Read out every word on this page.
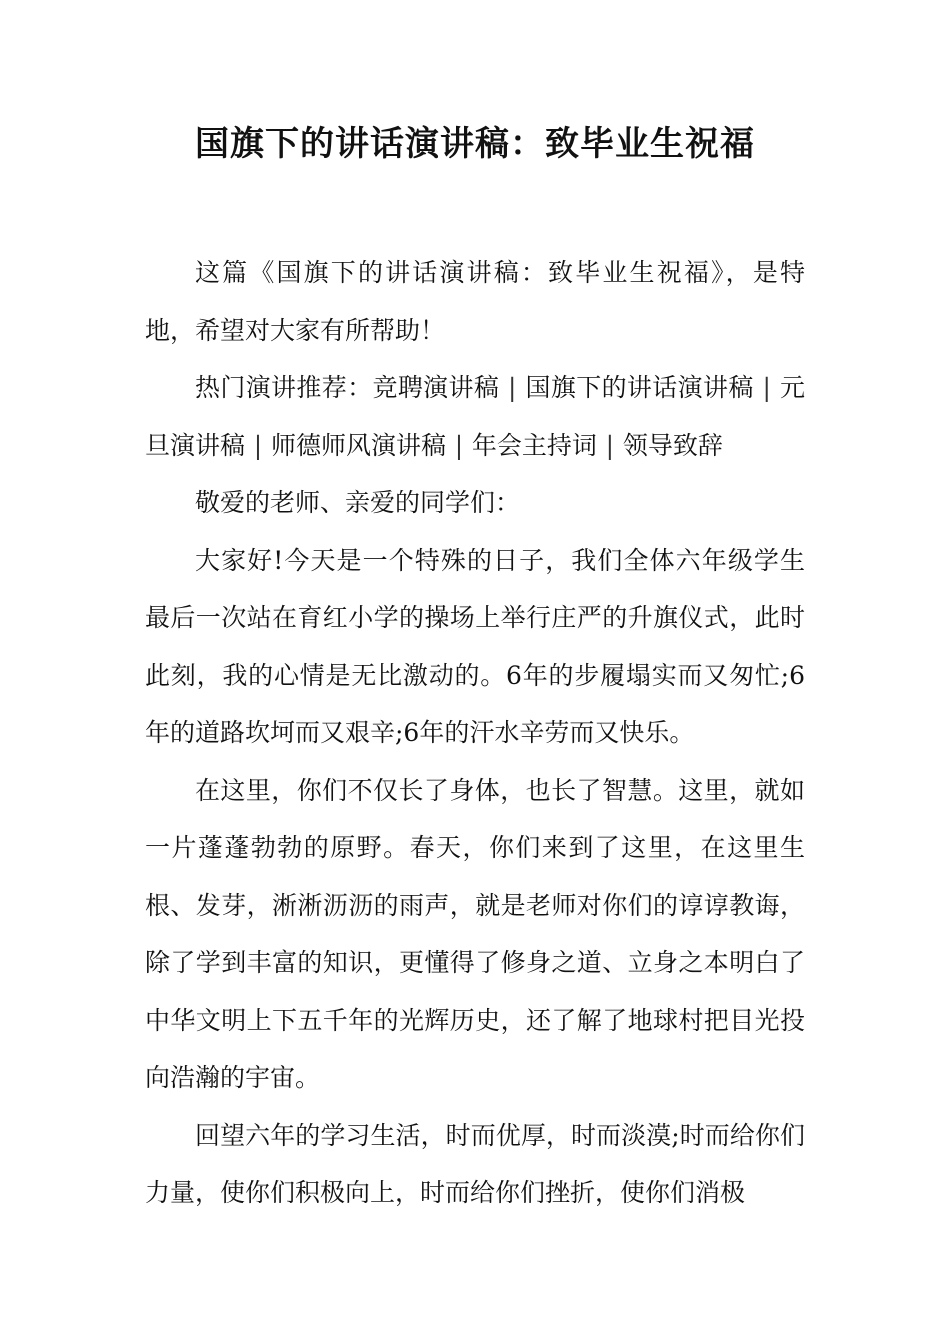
国旗下的讲话演讲稿：致毕业生祝福

这篇《国旗下的讲话演讲稿：致毕业生祝福》，是特地，希望对大家有所帮助！

热门演讲推荐：竞聘演讲稿 | 国旗下的讲话演讲稿 | 元旦演讲稿 | 师德师风演讲稿 | 年会主持词 | 领导致辞

敬爱的老师、亲爱的同学们：

大家好!今天是一个特殊的日子，我们全体六年级学生最后一次站在育红小学的操场上举行庄严的升旗仪式，此时此刻，我的心情是无比激动的。6年的步履塌实而又匆忙;6年的道路坎坷而又艰辛;6年的汗水辛劳而又快乐。

在这里，你们不仅长了身体，也长了智慧。这里，就如一片蓬蓬勃勃的原野。春天，你们来到了这里，在这里生根、发芽，淅淅沥沥的雨声，就是老师对你们的谆谆教诲，除了学到丰富的知识，更懂得了修身之道、立身之本明白了中华文明上下五千年的光辉历史，还了解了地球村把目光投向浩瀚的宇宙。

回望六年的学习生活，时而优厚，时而淡漠;时而给你们力量，使你们积极向上，时而给你们挫折，使你们消极
